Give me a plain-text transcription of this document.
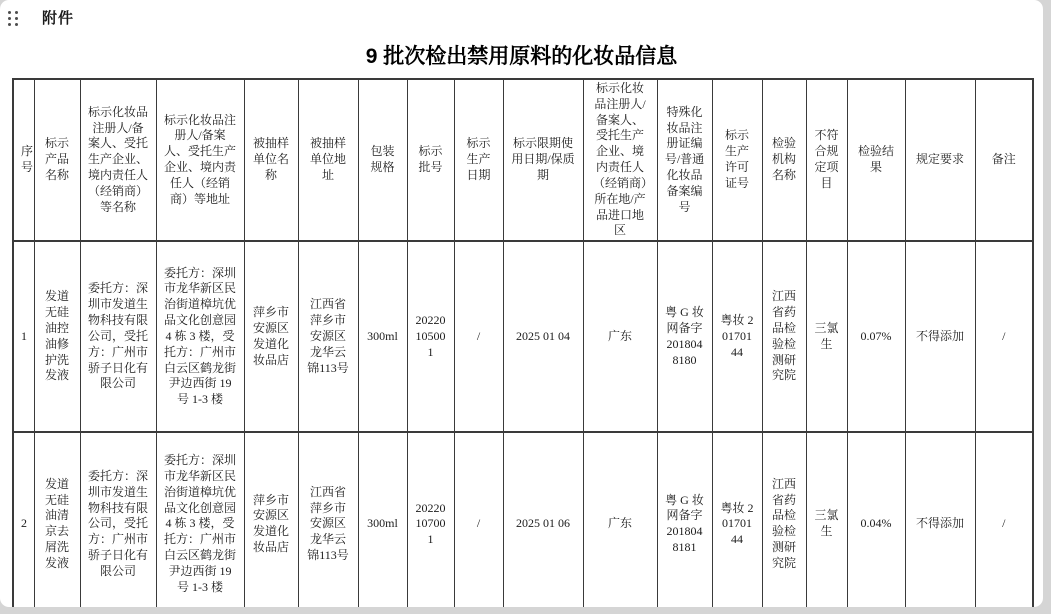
附件
9 批次检出禁用原料的化妆品信息
序号	标示产品名称	标示化妆品注册人/备案人、受托生产企业、境内责任人（经销商）等名称	标示化妆品注册人/备案人、受托生产企业、境内责任人（经销商）等地址	被抽样单位名称	被抽样单位地址	包装规格	标示批号	标示生产日期	标示限期使用日期/保质期	标示化妆品注册人/备案人、受托生产企业、境内责任人（经销商）所在地/产品进口地区	特殊化妆品注册证编号/普通化妆品备案编号	标示生产许可证号	检验机构名称	不符合规定项目	检验结果	规定要求	备注
1	发道无硅油控油修护洗发液	委托方：深圳市发道生物科技有限公司，受托方：广州市骄子日化有限公司	委托方：深圳市龙华新区民治街道樟坑优品文化创意园 4 栋 3 楼，受托方：广州市白云区鹤龙街尹边西街 19 号 1-3 楼	萍乡市安源区发道化妆品店	江西省萍乡市安源区龙华云锦113号	300ml	20220105001	/	2025 01 04	广东	粤 G 妆网备字 2018048180	粤妆 20170144	江西省药品检验检测研究院	三氯生	0.07%	不得添加	/
2	发道无硅油清京去屑洗发液	委托方：深圳市发道生物科技有限公司，受托方：广州市骄子日化有限公司	委托方：深圳市龙华新区民治街道樟坑优品文化创意园 4 栋 3 楼，受托方：广州市白云区鹤龙街尹边西街 19 号 1-3 楼	萍乡市安源区发道化妆品店	江西省萍乡市安源区龙华云锦113号	300ml	20220107001	/	2025 01 06	广东	粤 G 妆网备字 2018048181	粤妆 20170144	江西省药品检验检测研究院	三氯生	0.04%	不得添加	/
